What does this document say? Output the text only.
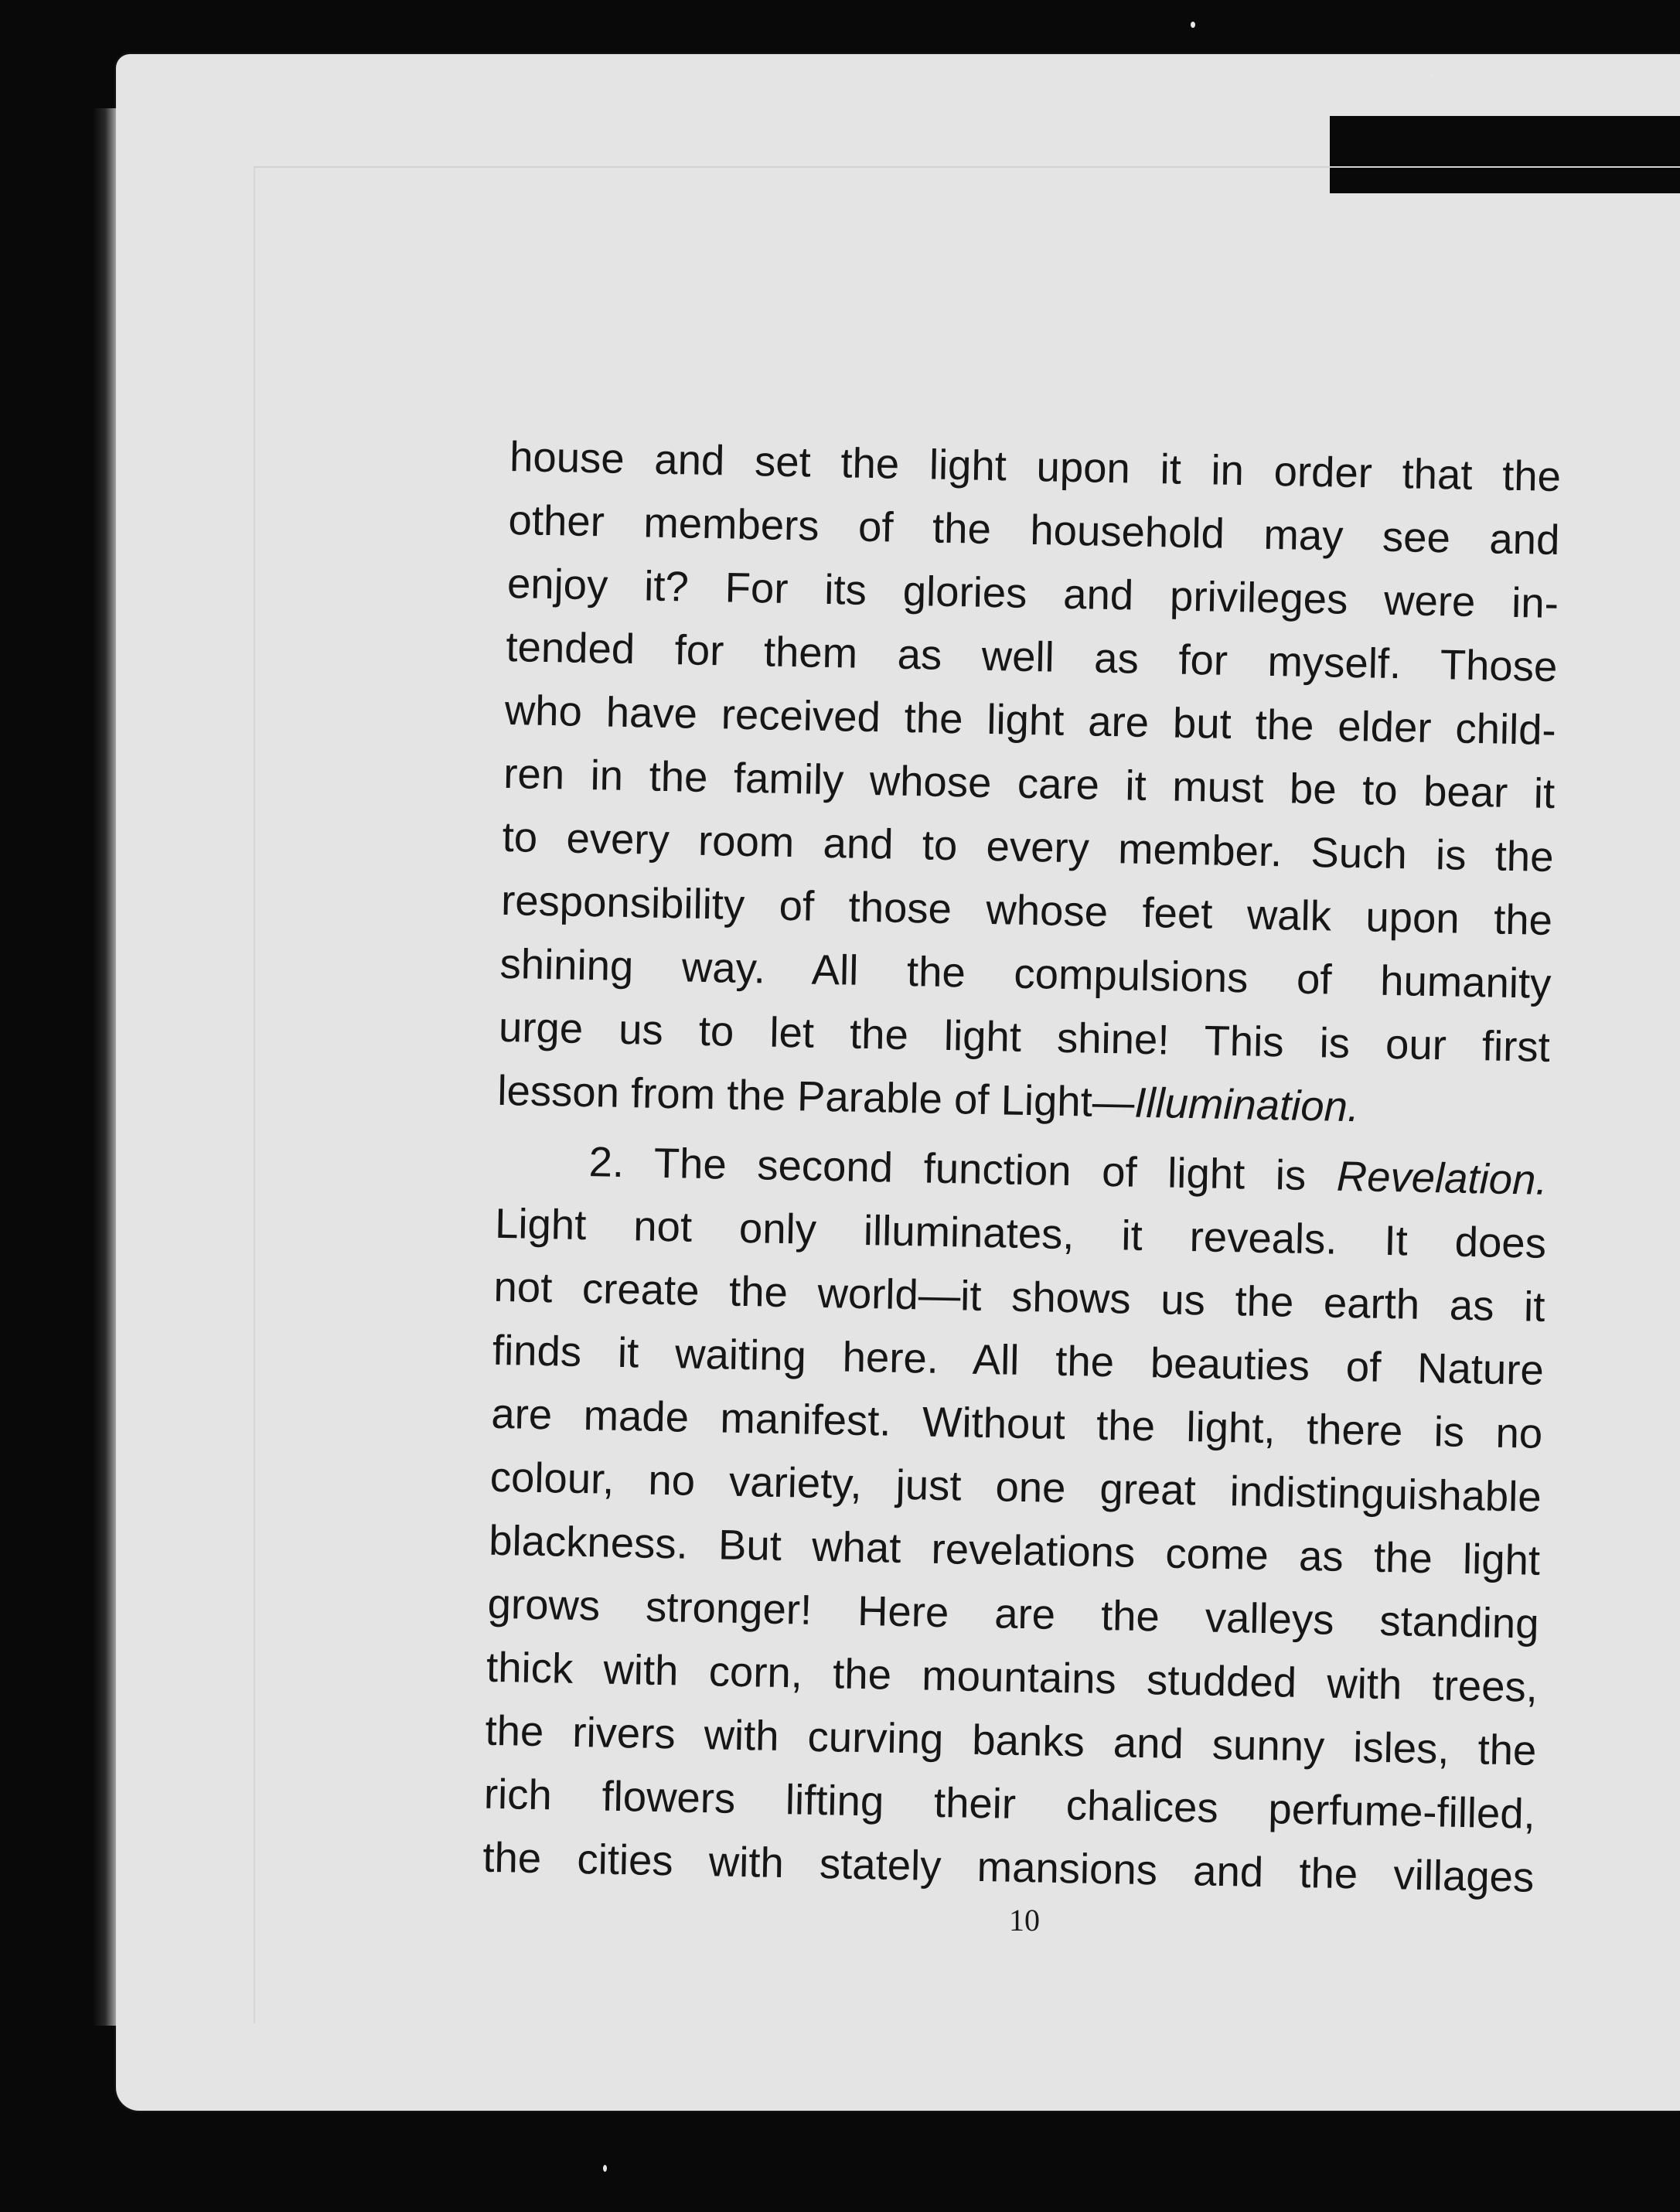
house and set the light upon it in order that the
other members of the household may see and
enjoy it? For its glories and privileges were in-
tended for them as well as for myself. Those
who have received the light are but the elder child-
ren in the family whose care it must be to bear it
to every room and to every member. Such is the
responsibility of those whose feet walk upon the
shining way. All the compulsions of humanity
urge us to let the light shine! This is our first
lesson from the Parable of Light—Illumination.
2. The second function of light is Revelation.
Light not only illuminates, it reveals. It does
not create the world—it shows us the earth as it
finds it waiting here. All the beauties of Nature
are made manifest. Without the light, there is no
colour, no variety, just one great indistinguishable
blackness. But what revelations come as the light
grows stronger! Here are the valleys standing
thick with corn, the mountains studded with trees,
the rivers with curving banks and sunny isles, the
rich flowers lifting their chalices perfume-filled,
the cities with stately mansions and the villages
10
